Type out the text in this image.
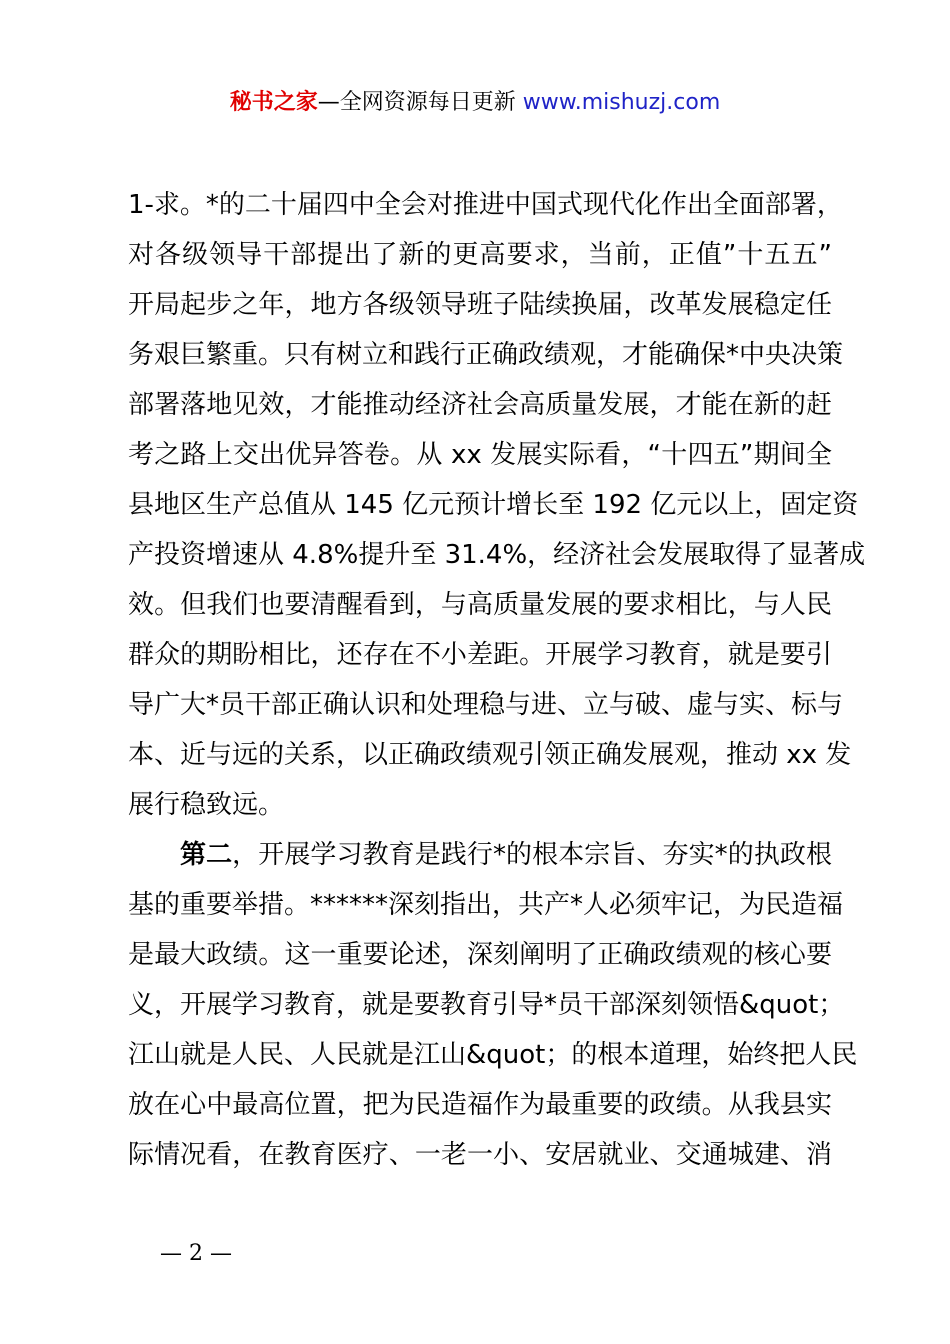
秘书之家—全网资源每日更新 www.mishuzj.com
1-求。*的二十届四中全会对推进中国式现代化作出全面部署，
对各级领导干部提出了新的更高要求，当前，正值”十五五”
开局起步之年，地方各级领导班子陆续换届，改革发展稳定任
务艰巨繁重。只有树立和践行正确政绩观，才能确保*中央决策
部署落地见效，才能推动经济社会高质量发展，才能在新的赶
考之路上交出优异答卷。从 xx 发展实际看，“十四五”期间全
县地区生产总值从 145 亿元预计增长至 192 亿元以上，固定资
产投资增速从 4.8%提升至 31.4%，经济社会发展取得了显著成
效。但我们也要清醒看到，与高质量发展的要求相比，与人民
群众的期盼相比，还存在不小差距。开展学习教育，就是要引
导广大*员干部正确认识和处理稳与进、立与破、虚与实、标与
本、近与远的关系，以正确政绩观引领正确发展观，推动 xx 发
展行稳致远。
第二，开展学习教育是践行*的根本宗旨、夯实*的执政根
基的重要举措。******深刻指出，共产*人必须牢记，为民造福
是最大政绩。这一重要论述，深刻阐明了正确政绩观的核心要
义，开展学习教育，就是要教育引导*员干部深刻领悟&quot；
江山就是人民、人民就是江山&quot；的根本道理，始终把人民
放在心中最高位置，把为民造福作为最重要的政绩。从我县实
际情况看，在教育医疗、一老一小、安居就业、交通城建、消
— 2 —
